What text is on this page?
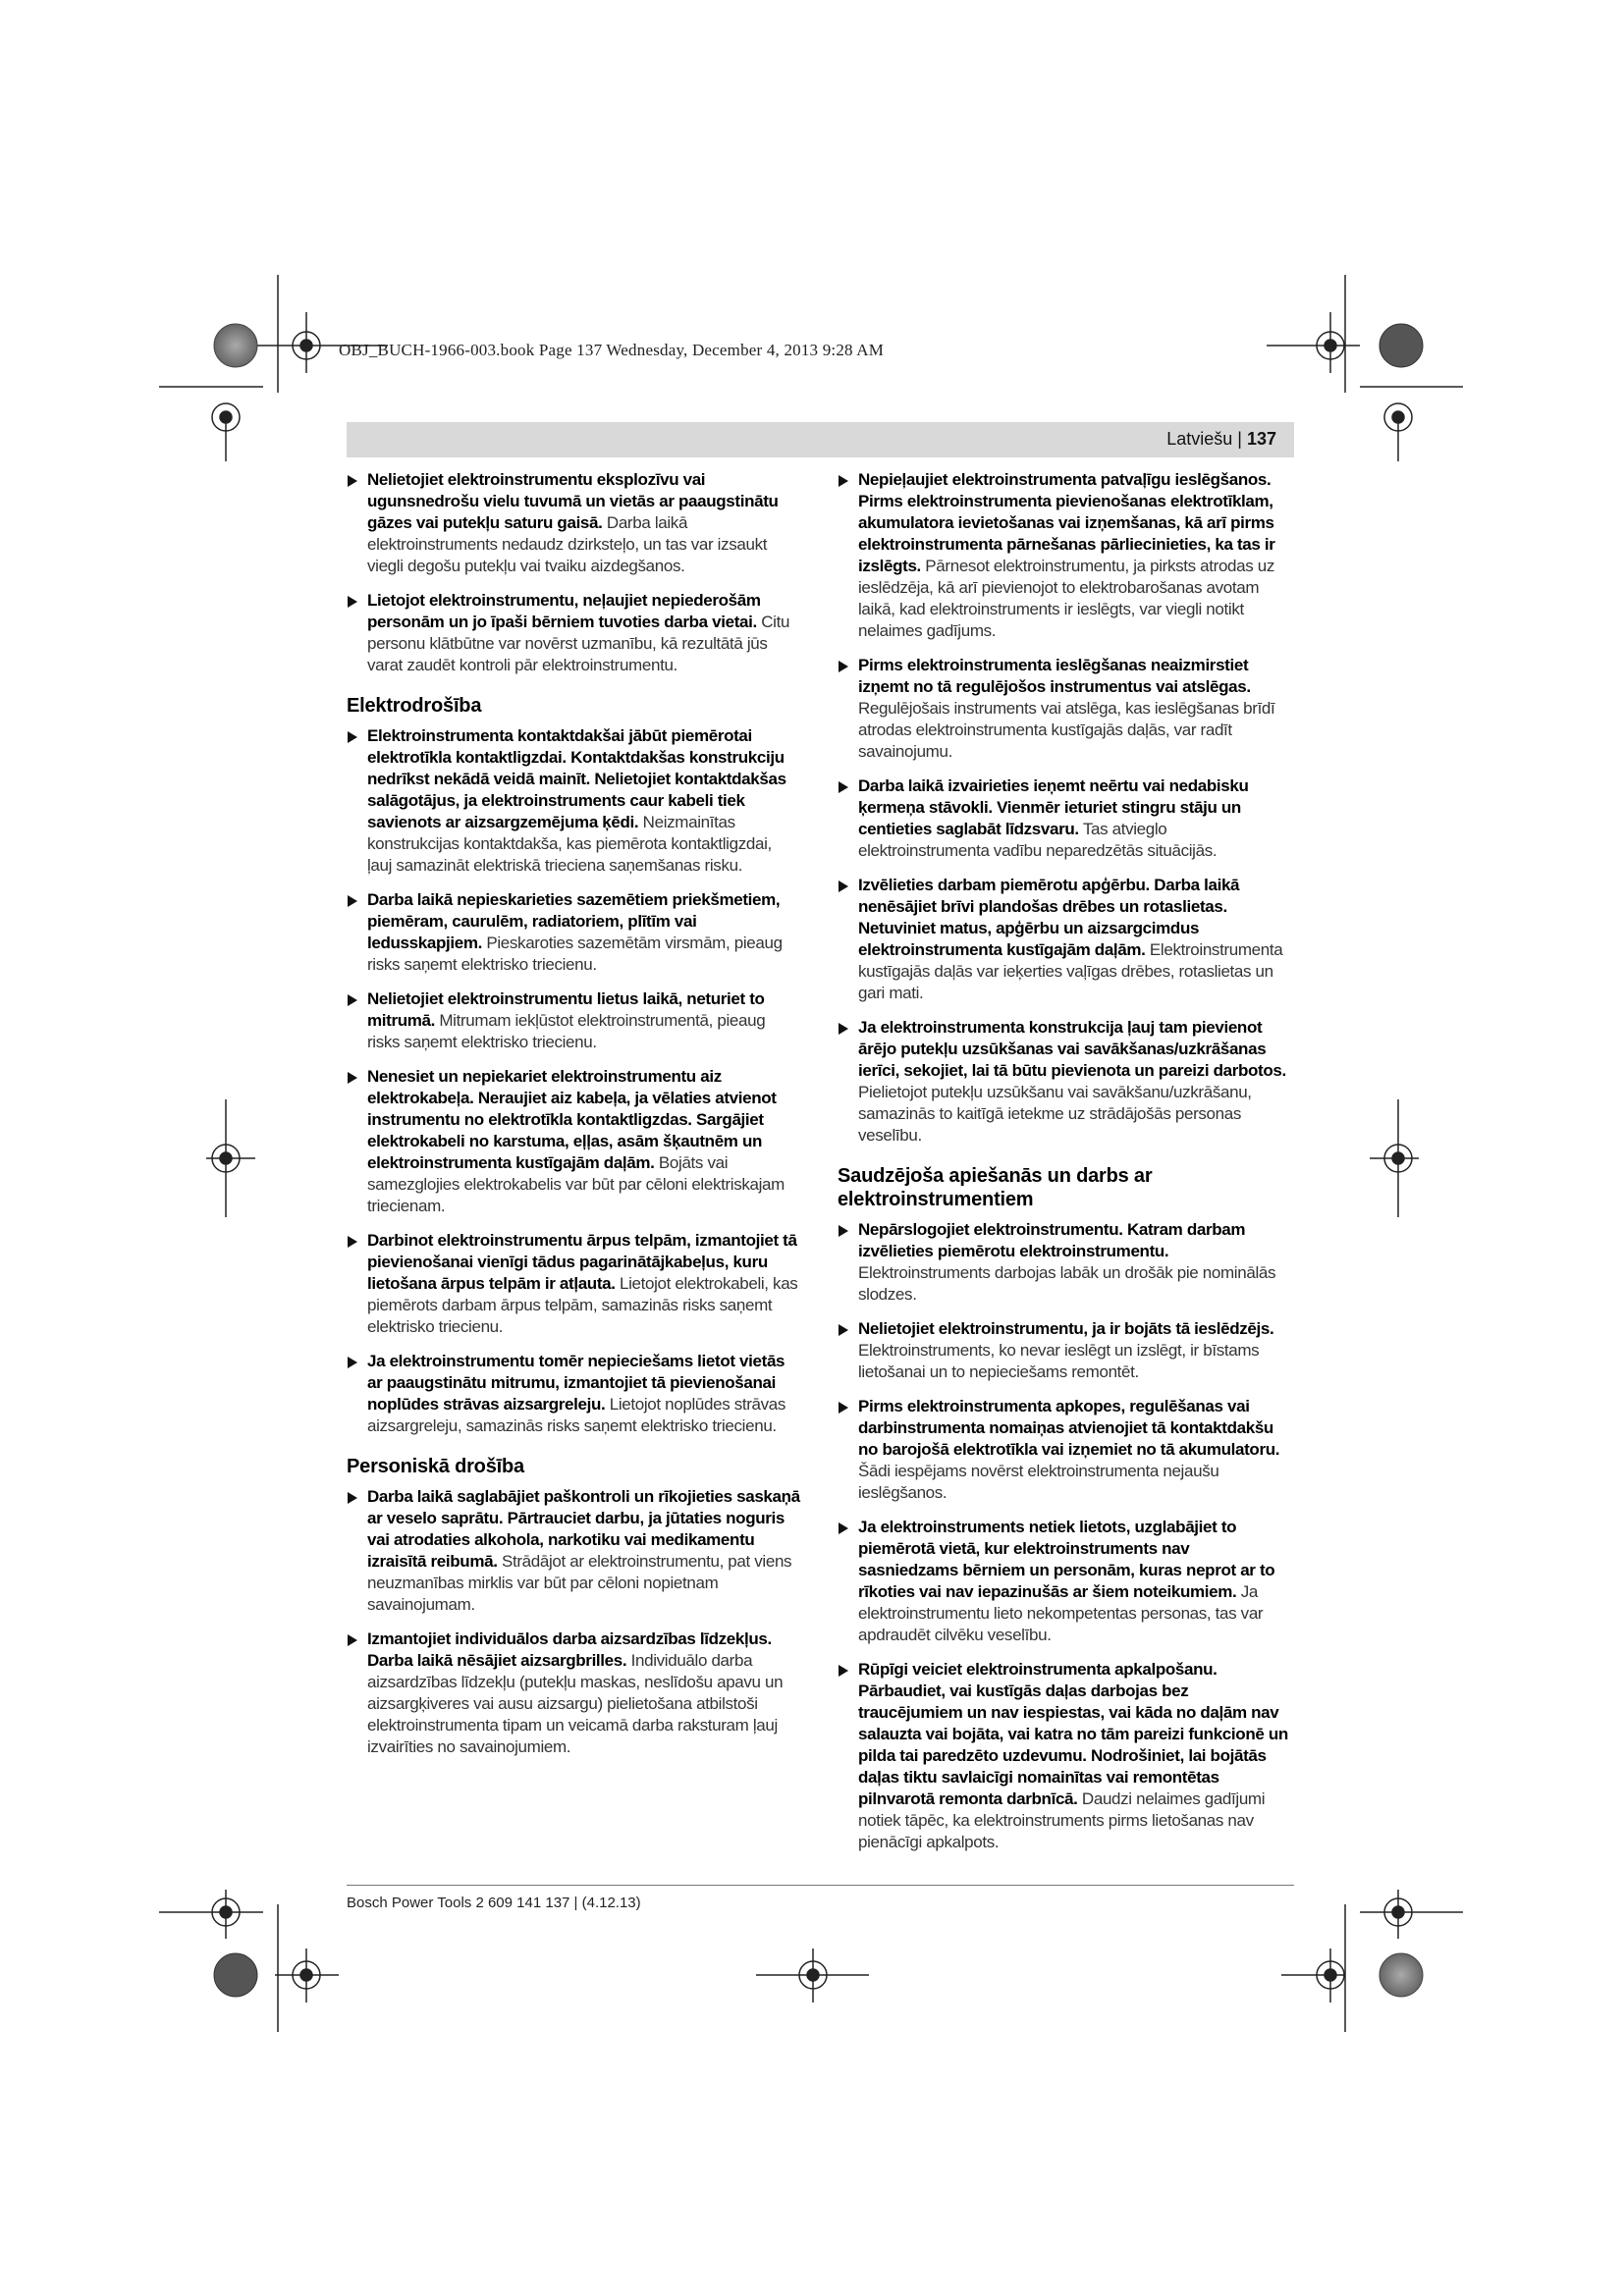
OBJ_BUCH-1966-003.book Page 137 Wednesday, December 4, 2013 9:28 AM
Latviešu | 137
Nelietojiet elektroinstrumentu eksplozīvu vai ugunsnedrošu vielu tuvumā un vietās ar paaugstinātu gāzes vai putekļu saturu gaisā. Darba laikā elektroinstruments nedaudz dzirksteļo, un tas var izsaukt viegli degošu putekļu vai tvaiku aizdegšanos.
Lietojot elektroinstrumentu, neļaujiet nepiederošām personām un jo īpaši bērniem tuvoties darba vietai. Citu personu klātbūtne var novērst uzmanību, kā rezultātā jūs varat zaudēt kontroli pār elektroinstrumentu.
Elektrodrošība
Elektroinstrumenta kontaktdakšai jābūt piemērotai elektrotīkla kontaktligzdai. Kontaktdakšas konstrukciju nedrīkst nekādā veidā mainīt. Nelietojiet kontaktdakšas salāgotājus, ja elektroinstruments caur kabeli tiek savienots ar aizsargzemējuma ķēdi. Neizmainītas konstrukcijas kontaktdakša, kas piemērota kontaktligzdai, ļauj samazināt elektriskā trieciena saņemšanas risku.
Darba laikā nepieskarieties sazemētiem priekšmetiem, piemēram, caurulēm, radiatoriem, plītīm vai ledusskapjiem. Pieskaroties sazemētām virsmām, pieaug risks saņemt elektrisko triecienu.
Nelietojiet elektroinstrumentu lietus laikā, neturiet to mitrumā. Mitrumam iekļūstot elektroinstrumentā, pieaug risks saņemt elektrisko triecienu.
Nenesiet un nepiekariet elektroinstrumentu aiz elektrokabeļa. Neraujiet aiz kabeļa, ja vēlaties atvienot instrumentu no elektrotīkla kontaktligzdas. Sargājiet elektrokabeli no karstuma, eļļas, asām šķautnēm un elektroinstrumenta kustīgajām daļām. Bojāts vai samezglojies elektrokabelis var būt par cēloni elektriskajam triecienam.
Darbinot elektroinstrumentu ārpus telpām, izmantojiet tā pievienošanai vienīgi tādus pagarinātājkabeļus, kuru lietošana ārpus telpām ir atļauta. Lietojot elektrokabeli, kas piemērots darbam ārpus telpām, samazinās risks saņemt elektrisko triecienu.
Ja elektroinstrumentu tomēr nepieciešams lietot vietās ar paaugstinātu mitrumu, izmantojiet tā pievienošanai noplūdes strāvas aizsargreleju. Lietojot noplūdes strāvas aizsargreleju, samazinās risks saņemt elektrisko triecienu.
Personiskā drošība
Darba laikā saglabājiet paškontroli un rīkojieties saskaņā ar veselo saprātu. Pārtrauciet darbu, ja jūtaties noguris vai atrodaties alkohola, narkotiku vai medikamentu izraisītā reibumā. Strādājot ar elektroinstrumentu, pat viens neuzmanības mirklis var būt par cēloni nopietnam savainojumam.
Izmantojiet individuālos darba aizsardzības līdzekļus. Darba laikā nēsājiet aizsargbrilles. Individuālo darba aizsardzības līdzekļu (putekļu maskas, neslīdošu apavu un aizsargķiveres vai ausu aizsargu) pielietošana atbilstoši elektroinstrumenta tipam un veicamā darba raksturam ļauj izvairīties no savainojumiem.
Nepieļaujiet elektroinstrumenta patvaļīgu ieslēgšanos. Pirms elektroinstrumenta pievienošanas elektrotīklam, akumulatora ievietošanas vai izņemšanas, kā arī pirms elektroinstrumenta pārnešanas pārliecinieties, ka tas ir izslēgts. Pārnesot elektroinstrumentu, ja pirksts atrodas uz ieslēdzēja, kā arī pievienojot to elektrobarošanas avotam laikā, kad elektroinstruments ir ieslēgts, var viegli notikt nelaimes gadījums.
Pirms elektroinstrumenta ieslēgšanas neaizmirstiet izņemt no tā regulējošos instrumentus vai atslēgas. Regulējošais instruments vai atslēga, kas ieslēgšanas brīdī atrodas elektroinstrumenta kustīgajās daļās, var radīt savainojumu.
Darba laikā izvairieties ieņemt neērtu vai nedabisku ķermeņa stāvokli. Vienmēr ieturiet stingru stāju un centieties saglabāt līdzsvaru. Tas atvieglo elektroinstrumenta vadību neparedzētās situācijās.
Izvēlieties darbam piemērotu apģērbu. Darba laikā nenēsājiet brīvi plandošas drēbes un rotaslietas. Netuviniet matus, apģērbu un aizsargcimdus elektroinstrumenta kustīgajām daļām. Elektroinstrumenta kustīgajās daļās var ieķerties vaļīgas drēbes, rotaslietas un gari mati.
Ja elektroinstrumenta konstrukcija ļauj tam pievienot ārējo putekļu uzsūkšanas vai savākšanas/uzkrāšanas ierīci, sekojiet, lai tā būtu pievienota un pareizi darbotos. Pielietojot putekļu uzsūkšanu vai savākšanu/uzkrāšanu, samazinās to kaitīgā ietekme uz strādājošās personas veselību.
Saudzējoša apiešanās un darbs ar elektroinstrumentiem
Nepārslogojiet elektroinstrumentu. Katram darbam izvēlieties piemērotu elektroinstrumentu. Elektroinstruments darbojas labāk un drošāk pie nominālās slodzes.
Nelietojiet elektroinstrumentu, ja ir bojāts tā ieslēdzējs. Elektroinstruments, ko nevar ieslēgt un izslēgt, ir bīstams lietošanai un to nepieciešams remontēt.
Pirms elektroinstrumenta apkopes, regulēšanas vai darbinstrumenta nomaiņas atvienojiet tā kontaktdakšu no barojošā elektrotīkla vai izņemiet no tā akumulatoru. Šādi iespējams novērst elektroinstrumenta nejaušu ieslēgšanos.
Ja elektroinstruments netiek lietots, uzglabājiet to piemērotā vietā, kur elektroinstruments nav sasniedzams bērniem un personām, kuras neprot ar to rīkoties vai nav iepazinušās ar šiem noteikumiem. Ja elektroinstrumentu lieto nekompetentas personas, tas var apdraudēt cilvēku veselību.
Rūpīgi veiciet elektroinstrumenta apkalpošanu. Pārbaudiet, vai kustīgās daļas darbojas bez traucējumiem un nav iespiestas, vai kāda no daļām nav salauzta vai bojāta, vai katra no tām pareizi funkcionē un pilda tai paredzēto uzdevumu. Nodrošiniet, lai bojātās daļas tiktu savlaicīgi nomainītas vai remontētas pilnvarotā remonta darbnīcā. Daudzi nelaimes gadījumi notiek tāpēc, ka elektroinstruments pirms lietošanas nav pienācīgi apkalpots.
Bosch Power Tools 2 609 141 137 | (4.12.13)
